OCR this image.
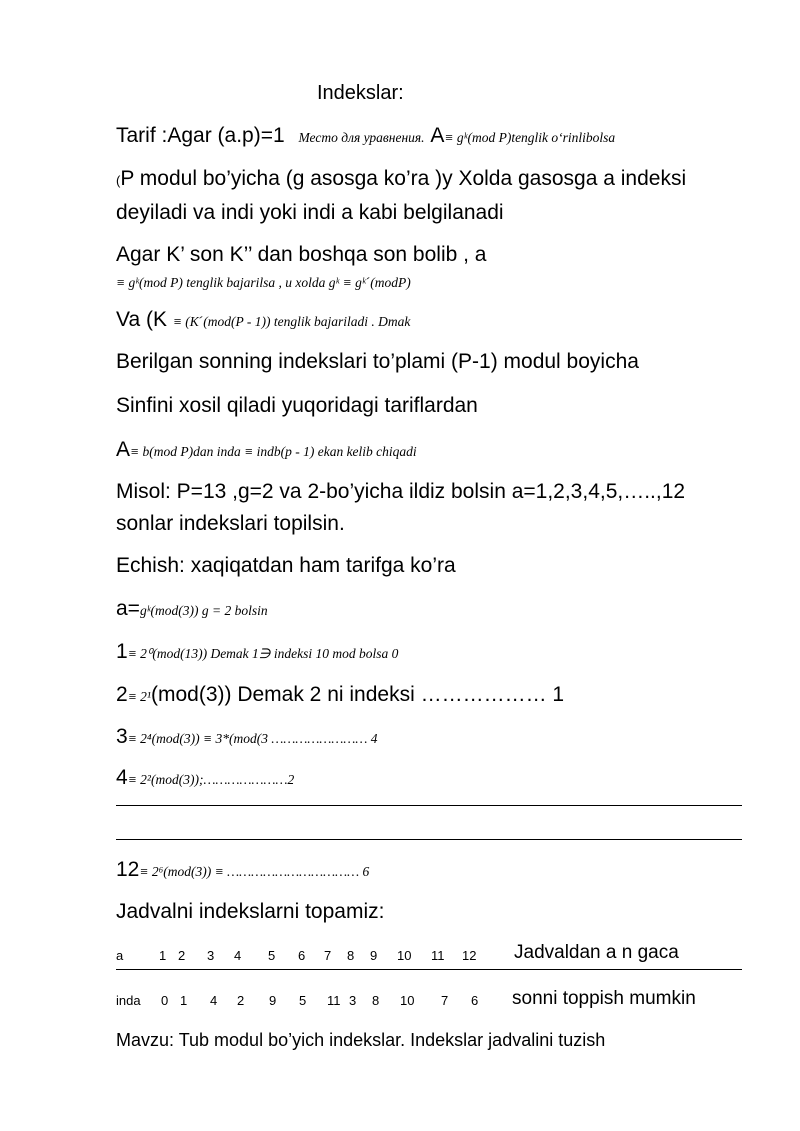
Indekslar:
Tarif :Agar (a.p)=1 Место для уравнения. A≡ gᵏ(mod P)tenglik oʻrinlibolsa
(P modul bo’yicha (g asosga ko’ra )y Xolda gasosga a indeksi
deyiladi va indi yoki indi a kabi belgilanadi
Agar K’ son K’’ dan boshqa son bolib , a
≡ gᵏ(mod P) tenglik bajarilsa , u xolda gᵏ ≡ gᵏˊ(modP)
Va (K ≡ (Kˊ(mod(P - 1)) tenglik bajariladi . Dmak
Berilgan sonning indekslari to’plami (P-1) modul boyicha
Sinfini xosil qiladi yuqoridagi tariflardan
A≡ b(mod P)dan inda ≡ indb(p - 1) ekan kelib chiqadi
Misol: P=13 ,g=2 va 2-bo’yicha ildiz bolsin a=1,2,3,4,5,…..,12
sonlar indekslari topilsin.
Echish: xaqiqatdan ham tarifga ko’ra
a=gᵏ(mod(3)) g = 2 bolsin
1≡ 2⁰(mod(13)) Demak 1∋ indeksi 10 mod bolsa 0
2≡ 2¹(mod(3)) Demak 2 ni indeksi ……………… 1
3≡ 2⁴(mod(3)) ≡ 3*(mod(3 …………………… 4
4≡ 2²(mod(3));…………………2
12≡ 2⁶(mod(3)) ≡ …………………………… 6
Jadvalni indekslarni topamiz:
a	1 2 3 4 5 6 7 8 9 10 11 12 Jadvaldan a n gaca
inda 0 1 4 2 9 5 11 3 8 10 7 6 sonni toppish mumkin
Mavzu: Tub modul bo’yich indekslar. Indekslar jadvalini tuzish
